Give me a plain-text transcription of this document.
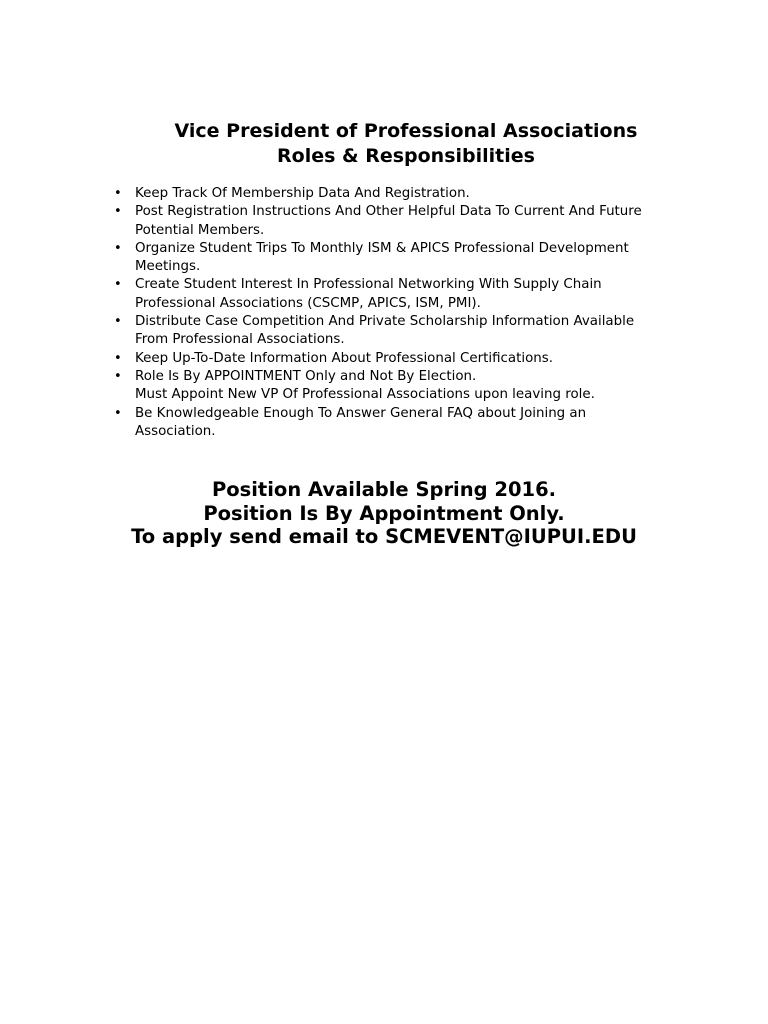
Vice President of Professional Associations

Roles & Responsibilities

• Keep Track Of Membership Data And Registration.
• Post Registration Instructions And Other Helpful Data To Current And Future Potential Members.
• Organize Student Trips To Monthly ISM & APICS Professional Development Meetings.
• Create Student Interest In Professional Networking With Supply Chain Professional Associations (CSCMP, APICS, ISM, PMI).
• Distribute Case Competition And Private Scholarship Information Available From Professional Associations.
• Keep Up-To-Date Information About Professional Certifications.
• Role Is By APPOINTMENT Only and Not By Election.
Must Appoint New VP Of Professional Associations upon leaving role.
• Be Knowledgeable Enough To Answer General FAQ about Joining an Association.
Position Available Spring 2016.
Position Is By Appointment Only.
To apply send email to SCMEVENT@IUPUI.EDU
